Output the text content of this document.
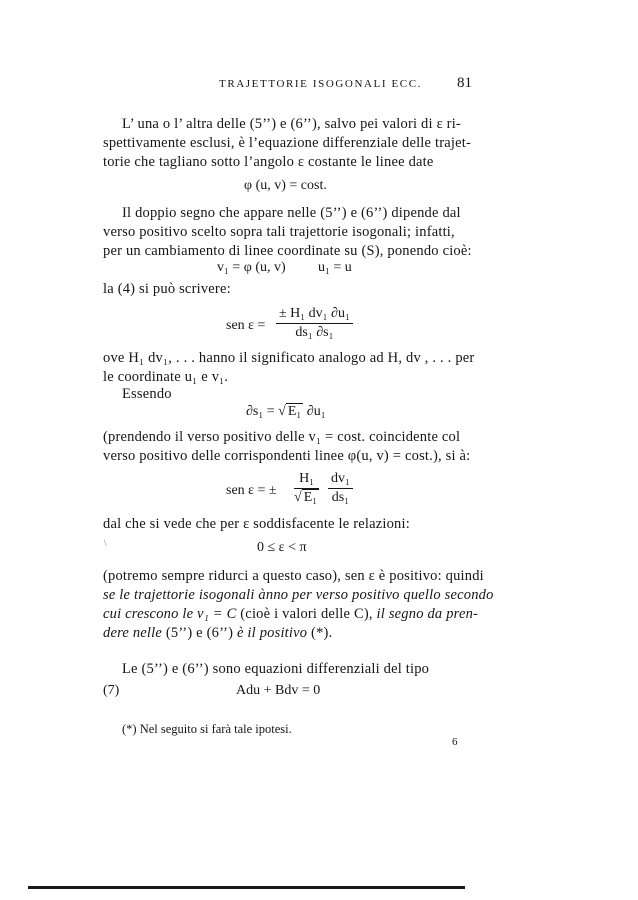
TRAJETTORIE ISOGONALI ECC. 81
L’ una o l’ altra delle (5’’) e (6’’), salvo pei valori di ε ri-
spettivamente esclusi, è l’equazione differenziale delle trajet-
torie che tagliano sotto l’angolo ε costante le linee date
φ (u, v) = cost.
Il doppio segno che appare nelle (5’’) e (6’’) dipende dal
verso positivo scelto sopra tali trajettorie isogonali; infatti,
per un cambiamento di linee coordinate su (S), ponendo cioè:
v₁ = φ (u, v) u₁ = u
la (4) si può scrivere:
sen $\varepsilon = \frac{\text{± H₁ dv₁ ∂u₁}}{\text{ds₁ ∂s₁}}$
ove H₁ dv₁, . . . hanno il significato analogo ad H, dv , . . . per
le coordinate u₁ e v₁.
Essendo
∂s₁ = √ E₁ ∂u₁
(prendendo il verso positivo delle v₁ = cost. coincidente col
verso positivo delle corrispondenti linee φ(u, v) = cost.), si à:
sen ε = ± $\frac{\text{H₁}}{\text{√ E₁}} \frac{\text{dv₁}}{\text{ds₁}}$
dal che si vede che per ε soddisfacente le relazioni:
\	0 ≤ ε < π
(potremo sempre ridurci a questo caso), sen ε è positivo: quindi
se le trajettorie isogonali ànno per verso positivo quello secondo
cui crescono le v₁ = C (cioè i valori delle C), il segno da pren-
dere nelle (5’’) e (6’’) è il positivo (*).
Le (5’’) e (6’’) sono equazioni differenziali del tipo
(7)	Adu + Bdv = 0
(*) Nel seguito si farà tale ipotesi.
6
